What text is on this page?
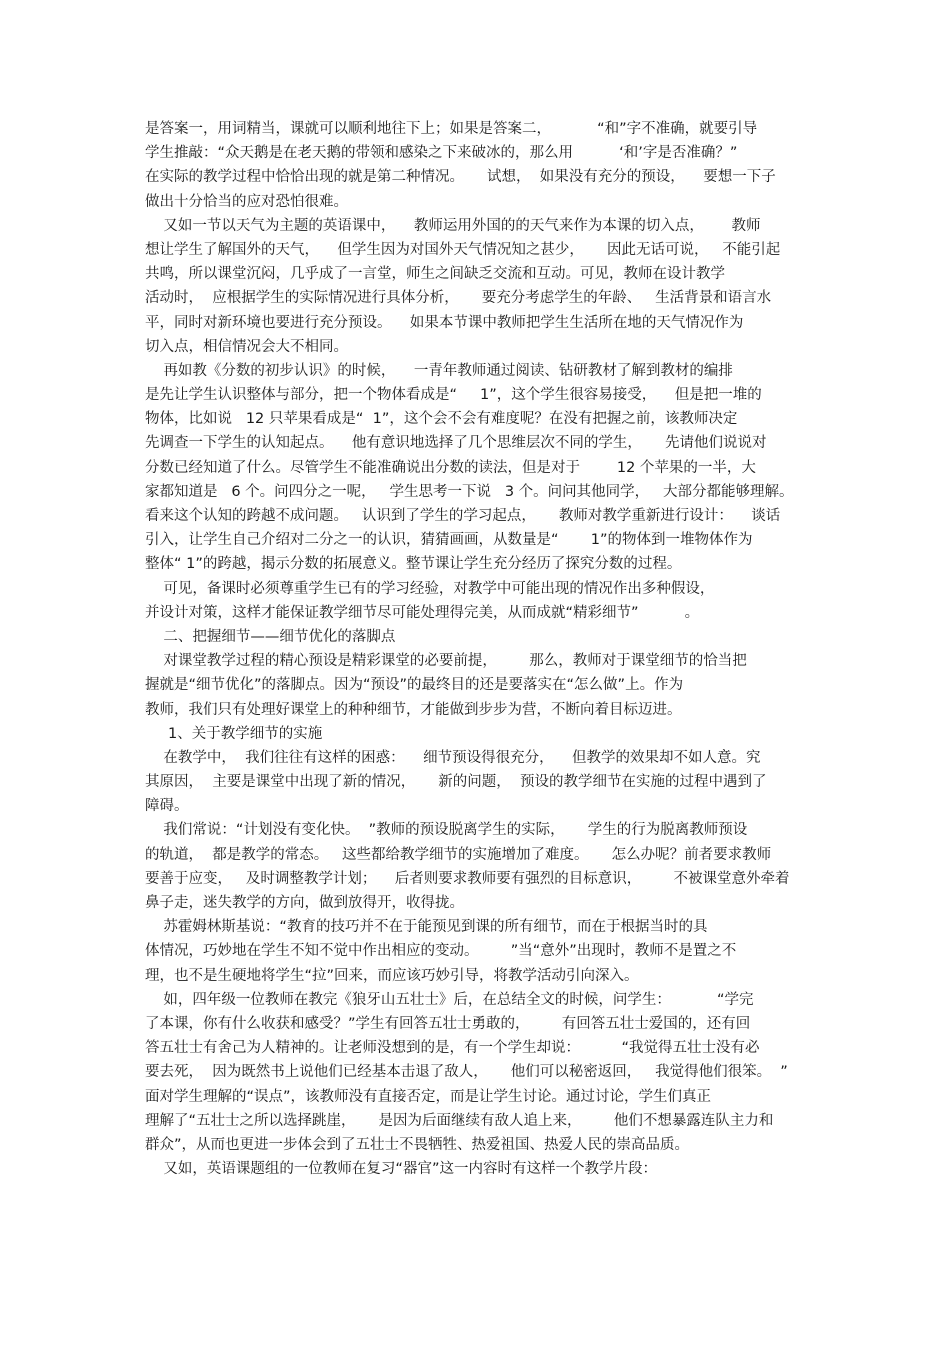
是答案一，用词精当，课就可以顺利地往下上；如果是答案二，          “和”字不准确，就要引导
学生推敲：“众天鹅是在老天鹅的带领和感染之下来破冰的，那么用          ‘和’字是否准确？”
在实际的教学过程中恰恰出现的就是第二种情况。     试想，  如果没有充分的预设，    要想一下子
做出十分恰当的应对恐怕很难。
又如一节以天气为主题的英语课中，    教师运用外国的的天气来作为本课的切入点，      教师
想让学生了解国外的天气，    但学生因为对国外天气情况知之甚少，     因此无话可说，   不能引起
共鸣，所以课堂沉闷，几乎成了一言堂，师生之间缺乏交流和互动。可见，教师在设计教学
活动时，  应根据学生的实际情况进行具体分析，     要充分考虑学生的年龄、   生活背景和语言水
平，同时对新环境也要进行充分预设。    如果本节课中教师把学生生活所在地的天气情况作为
切入点，相信情况会大不相同。
再如教《分数的初步认识》的时候，    一青年教师通过阅读、钻研教材了解到教材的编排
是先让学生认识整体与部分，把一个物体看成是“     1”，这个学生很容易接受，    但是把一堆的
物体，比如说   12 只苹果看成是“  1”，这个会不会有难度呢？在没有把握之前，该教师决定
先调查一下学生的认知起点。    他有意识地选择了几个思维层次不同的学生，     先请他们说说对
分数已经知道了什么。尽管学生不能准确说出分数的读法，但是对于        12 个苹果的一半，大
家都知道是   6 个。问四分之一呢，   学生思考一下说   3 个。问问其他同学，   大部分都能够理解。
看来这个认知的跨越不成问题。   认识到了学生的学习起点，     教师对教学重新进行设计：    谈话
引入，让学生自己介绍对二分之一的认识，猜猜画画，从数量是“       1”的物体到一堆物体作为
整体“ 1”的跨越，揭示分数的拓展意义。整节课让学生充分经历了探究分数的过程。
可见，备课时必须尊重学生已有的学习经验，对教学中可能出现的情况作出多种假设，
并设计对策，这样才能保证教学细节尽可能处理得完美，从而成就“精彩细节”          。
二、把握细节——细节优化的落脚点
对课堂教学过程的精心预设是精彩课堂的必要前提，       那么，教师对于课堂细节的恰当把
握就是“细节优化”的落脚点。因为“预设”的最终目的还是要落实在“怎么做”上。作为
教师，我们只有处理好课堂上的种种细节，才能做到步步为营，不断向着目标迈进。
1、关于教学细节的实施
在教学中，  我们往往有这样的困惑：    细节预设得很充分，    但教学的效果却不如人意。究
其原因，  主要是课堂中出现了新的情况，     新的问题，  预设的教学细节在实施的过程中遇到了
障碍。
我们常说：“计划没有变化快。  ”教师的预设脱离学生的实际，     学生的行为脱离教师预设
的轨道，  都是教学的常态。   这些都给教学细节的实施增加了难度。     怎么办呢？前者要求教师
要善于应变，   及时调整教学计划；    后者则要求教师要有强烈的目标意识，       不被课堂意外牵着
鼻子走，迷失教学的方向，做到放得开，收得拢。
苏霍姆林斯基说：“教育的技巧并不在于能预见到课的所有细节，而在于根据当时的具
体情况，巧妙地在学生不知不觉中作出相应的变动。       ”当“意外”出现时，教师不是置之不
理，也不是生硬地将学生“拉”回来，而应该巧妙引导，将教学活动引向深入。
如，四年级一位教师在教完《狼牙山五壮士》后，在总结全文的时候，问学生：          “学完
了本课，你有什么收获和感受？”学生有回答五壮士勇敢的，       有回答五壮士爱国的，还有回
答五壮士有舍己为人精神的。让老师没想到的是，有一个学生却说：         “我觉得五壮士没有必
要去死，  因为既然书上说他们已经基本击退了敌人，     他们可以秘密返回，   我觉得他们很笨。  ”
面对学生理解的“误点”，该教师没有直接否定，而是让学生讨论。通过讨论，学生们真正
理解了“五壮士之所以选择跳崖，     是因为后面继续有敌人追上来，       他们不想暴露连队主力和
群众”，从而也更进一步体会到了五壮士不畏牺牲、热爱祖国、热爱人民的崇高品质。
又如，英语课题组的一位教师在复习“器官”这一内容时有这样一个教学片段：
